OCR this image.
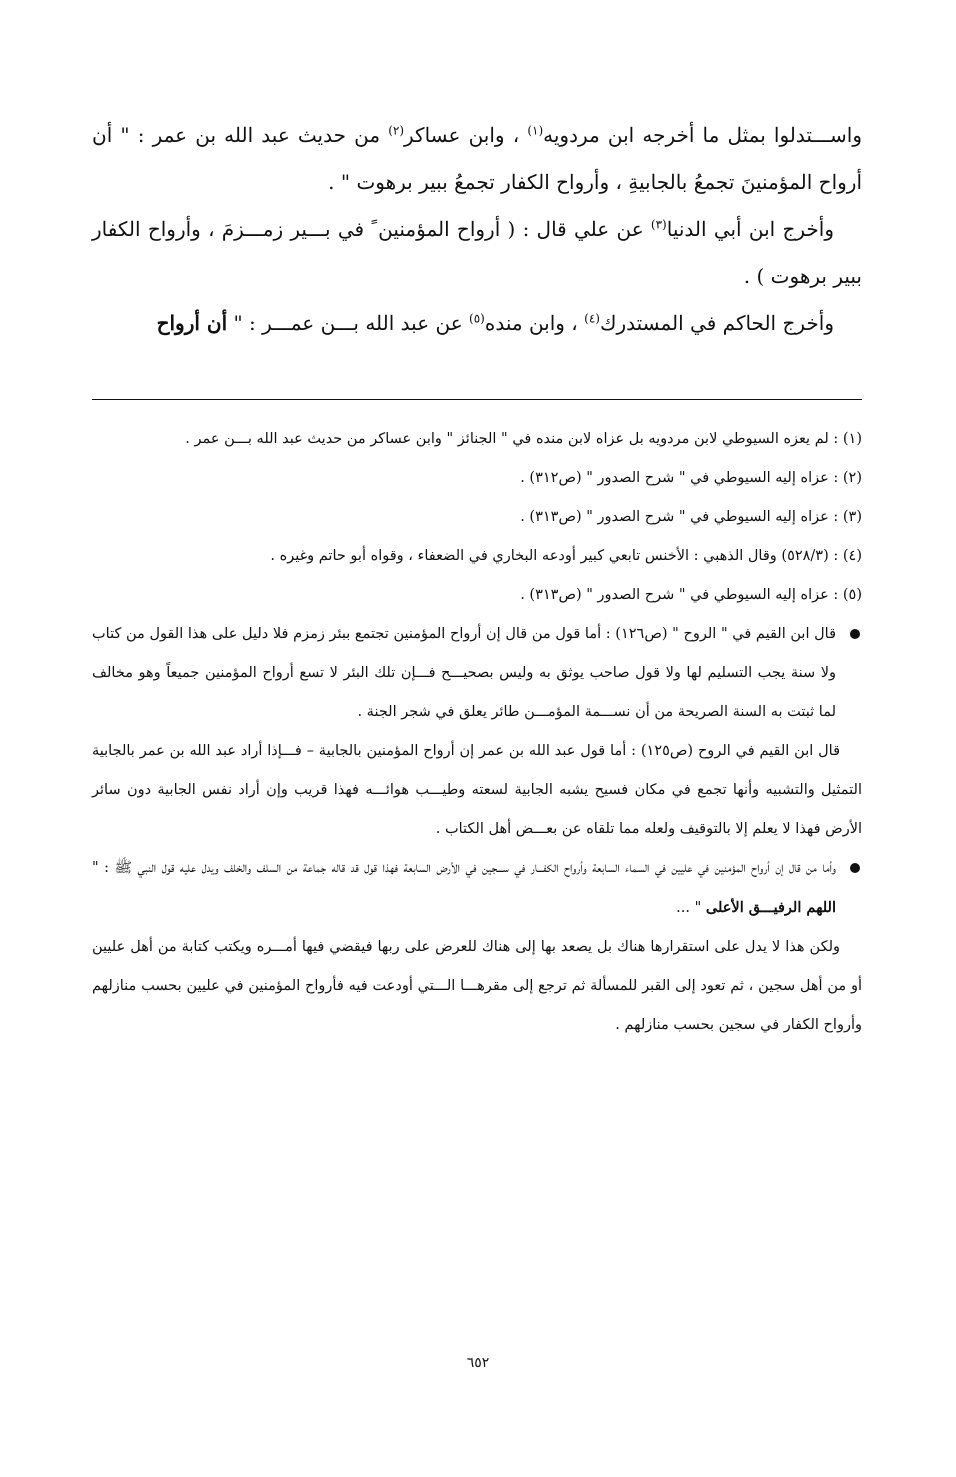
واســـتدلوا بمثل ما أخرجه ابن مردويه$^{(١)}$ ، وابن عساكر$^{(٢)}$ من حديث عبد الله بن عمر : " أن أرواح المؤمنينَ تجمعُ بالجابيةِ ، وأرواح الكفار تجمعُ ببير برهوت " .

وأخرج ابن أبي الدنيا$^{(٣)}$ عن علي قال : ( أرواح المؤمنين ً في بـــير زمـــزمَ ، وأرواح الكفار ببير برهوت ) .

وأخرج الحاكم في المستدرك$^{(٤)}$ ، وابن منده$^{(٥)}$ عن عبد الله بـــن عمـــر : " أن أرواح

(١) : لم يعزه السيوطي لابن مردويه بل عزاه لابن منده في " الجنائز " وابن عساكر من حديث عبد الله بـــن عمر .

(٢) : عزاه إليه السيوطي في " شرح الصدور " (ص٣١٢) .

(٣) : عزاه إليه السيوطي في " شرح الصدور " (ص٣١٣) .

(٤) : (٥٢٨/٣) وقال الذهبي : الأخنس تابعي كبير أودعه البخاري في الضعفاء ، وقواه أبو حاتم وغيره .

(٥) : عزاه إليه السيوطي في " شرح الصدور " (ص٣١٣) .

قال ابن القيم في " الروح " (ص١٢٦) : أما قول من قال إن أرواح المؤمنين تجتمع ببئر زمزم فلا دليل على هذا القول من كتاب ولا سنة يجب التسليم لها ولا قول صاحب يوثق به وليس بصحيـــح فـــإن تلك البئر لا تسع أرواح المؤمنين جميعاً وهو مخالف لما ثبتت به السنة الصريحة من أن نســـمة المؤمـــن طائر يعلق في شجر الجنة .

قال ابن القيم في الروح (ص١٢٥) : أما قول عبد الله بن عمر إن أرواح المؤمنين بالجابية – فـــإذا أراد عبد الله بن عمر بالجابية التمثيل والتشبيه وأنها تجمع في مكان فسيح يشبه الجابية لسعته وطيـــب هوائـــه فهذا قريب وإن أراد نفس الجابية دون سائر الأرض فهذا لا يعلم إلا بالتوقيف ولعله مما تلقاه عن بعـــض أهل الكتاب .

وأما من قال إن أرواح المؤمنين في عليين في السماء السابعة وأرواح الكفـــار في ســـجين في الأرض السابعة فهذا قول قد قاله جماعة من السلف والخلف ويدل عليه قول النبي ﷺ : " اللهم الرفيـــق الأعلى " ...

ولكن هذا لا يدل على استقرارها هناك بل يصعد بها إلى هناك للعرض على ربها فيقضي فيها أمـــره ويكتب كتابة من أهل عليين أو من أهل سجين ، ثم تعود إلى القبر للمسألة ثم ترجع إلى مقرهـــا الـــتي أودعت فيه فأرواح المؤمنين في عليين بحسب منازلهم وأرواح الكفار في سجين بحسب منازلهم .

٦٥٢
